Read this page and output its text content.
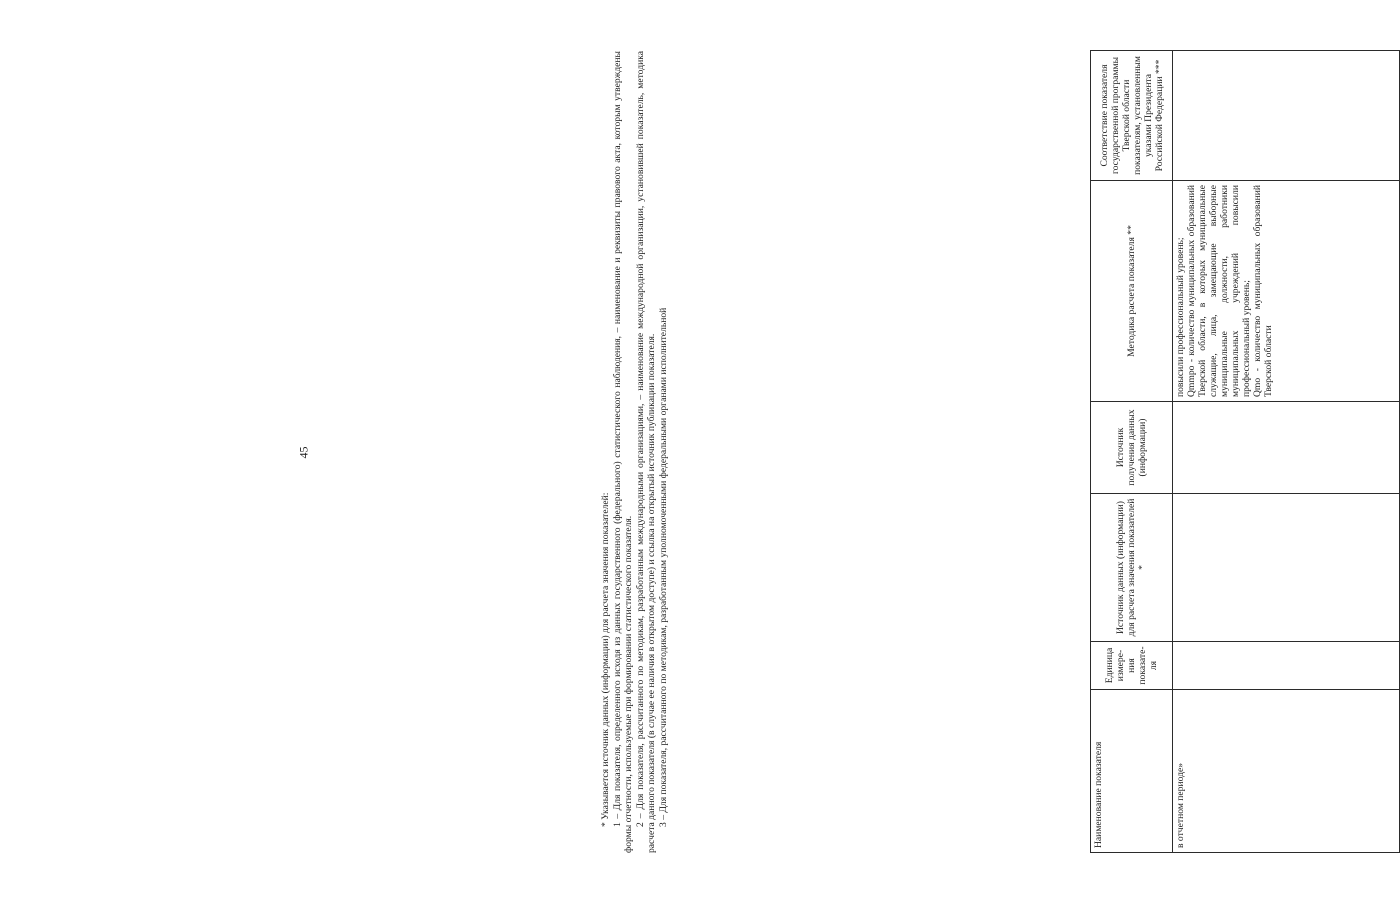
45
Наименование показателя	Единица измере-ния показате-ля	Источник данных (информации) для расчета значения показателей *	Источник получения данных (информации)	Методика расчета показателя **	Соответствие показателя государственной программы Тверской области показателям, установленным указами Президента Российской Федерации ***
в отчетном периоде»				повысили профессиональный уровень; Qmmpo - количество муниципальных образований Тверской области, в которых муниципальные служащие, лица, замещающие выборные муниципальные должности, работники муниципальных учреждений повысили профессиональный уровень; Qmo - количество муниципальных образований Тверской области	

* Указывается источник данных (информации) для расчета значения показателей: 1 – Для показателя, определенного исходя из данных государственного (федерального) статистического наблюдения, – наименование и реквизиты правового акта, которым утверждены формы отчетности, используемые при формировании статистического показателя. 2 – Для показателя, рассчитанного по методикам, разработанным международными организациями, – наименование международной организации, установившей показатель, методика расчета данного показателя (в случае ее наличия в открытом доступе) и ссылка на открытый источник публикации показателя. 3 – Для показателя, рассчитанного по методикам, разработанным уполномоченными федеральными органами исполнительной
